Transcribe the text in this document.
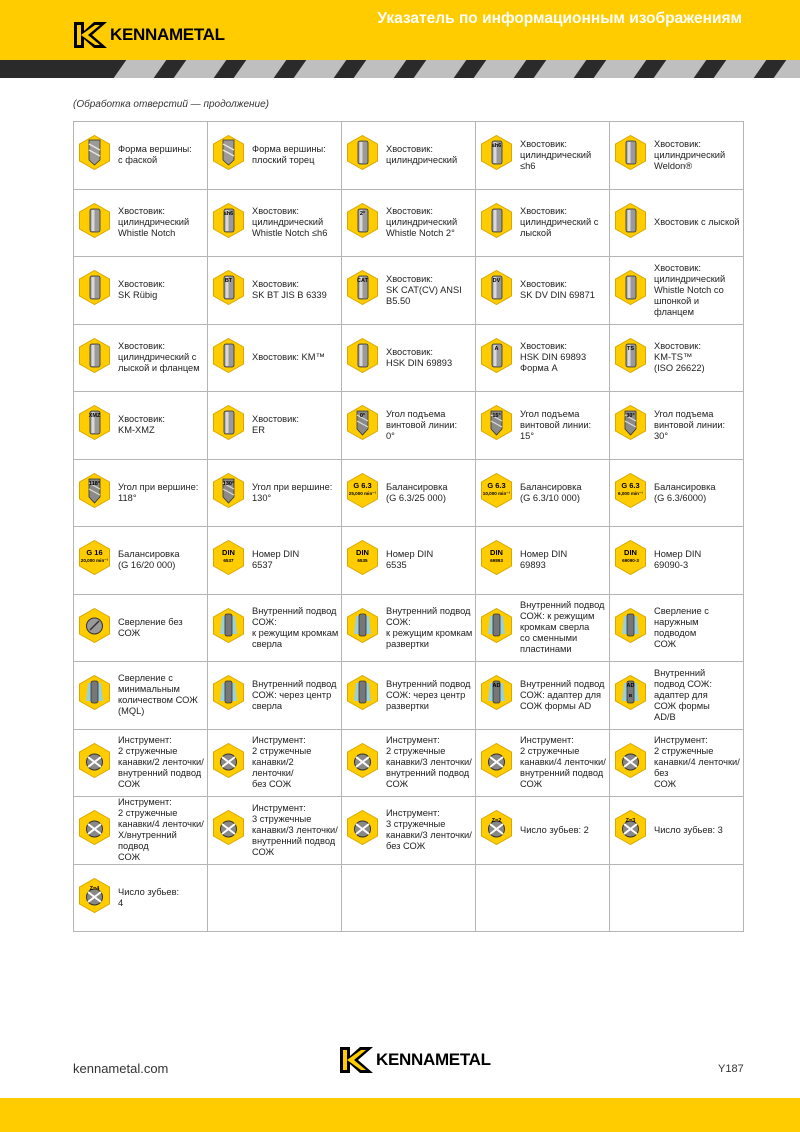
KENNAMETAL
Указатель по информационным изображениям
(Обработка отверстий — продолжение)
Форма вершины:
с фаской
Форма вершины:
плоский торец
Хвостовик:
цилиндрический
≤h6 Хвостовик:
цилиндрический
≤h6
Хвостовик:
цилиндрический
Weldon®
Хвостовик:
цилиндрический
Whistle Notch
≤h6 Хвостовик:
цилиндрический
Whistle Notch ≤h6
2° Хвостовик:
цилиндрический
Whistle Notch 2°
Хвостовик:
цилиндрический с
лыской
Хвостовик с лыской
Хвостовик:
SK Rübig
BT Хвостовик:
SK BT JIS B 6339
CAT Хвостовик:
SK CAT(CV) ANSI
B5.50
DV Хвостовик:
SK DV DIN 69871
Хвостовик:
цилиндрический
Whistle Notch со
шпонкой и
фланцем
Хвостовик:
цилиндрический с
лыской и фланцем
Хвостовик: KM™
Хвостовик:
HSK DIN 69893
A Хвостовик:
HSK DIN 69893
Форма A
TS Хвостовик:
KM-TS™
(ISO 26622)
XMZ Хвостовик:
KM-XMZ
Хвостовик:
ER
0° Угол подъема
винтовой линии:
0°
15° Угол подъема
винтовой линии:
15°
30° Угол подъема
винтовой линии:
30°
118° Угол при вершине:
118°
130° Угол при вершине:
130°
G 6.3
25,000 min⁻¹
Балансировка
(G 6.3/25 000)
G 6.3
10,000 min⁻¹
Балансировка
(G 6.3/10 000)
G 6.3
6,000 min⁻¹
Балансировка
(G 6.3/6000)
G 16
20,000 min⁻¹
Балансировка
(G 16/20 000)
DIN
6537
Номер DIN
6537
DIN
6535
Номер DIN
6535
DIN
69893
Номер DIN
69893
DIN
69090-3
Номер DIN
69090-3
Сверление без
СОЖ
Внутренний подвод
СОЖ:
к режущим кромкам
сверла
Внутренний подвод
СОЖ:
к режущим кромкам
развертки
Внутренний подвод
СОЖ: к режущим
кромкам сверла
со сменными
пластинами
Сверление с
наружным подводом
СОЖ
Сверление с
минимальным
количеством СОЖ
(MQL)
Внутренний подвод
СОЖ: через центр
сверла
Внутренний подвод
СОЖ: через центр
развертки
AD Внутренний подвод
СОЖ: адаптер для
СОЖ формы AD
AD
B
Внутренний
подвод СОЖ:
адаптер для
СОЖ формы
AD/B
Инструмент:
2 стружечные
канавки/2 ленточки/
внутренний подвод
СОЖ
Инструмент:
2 стружечные
канавки/2
ленточки/
без СОЖ
Инструмент:
2 стружечные
канавки/3 ленточки/
внутренний подвод
СОЖ
Инструмент:
2 стружечные
канавки/4 ленточки/
внутренний подвод
СОЖ
Инструмент:
2 стружечные
канавки/4 ленточки/
без
СОЖ
Инструмент:
2 стружечные
канавки/4 ленточки/
X/внутренний подвод
СОЖ
Инструмент:
3 стружечные
канавки/3 ленточки/
внутренний подвод
СОЖ
Инструмент:
3 стружечные
канавки/3 ленточки/
без СОЖ
Z=2
Число зубьев: 2
Z=3
Число зубьев: 3
Z=4 Число зубьев:
4
kennametal.com	KENNAMETAL	Y187
